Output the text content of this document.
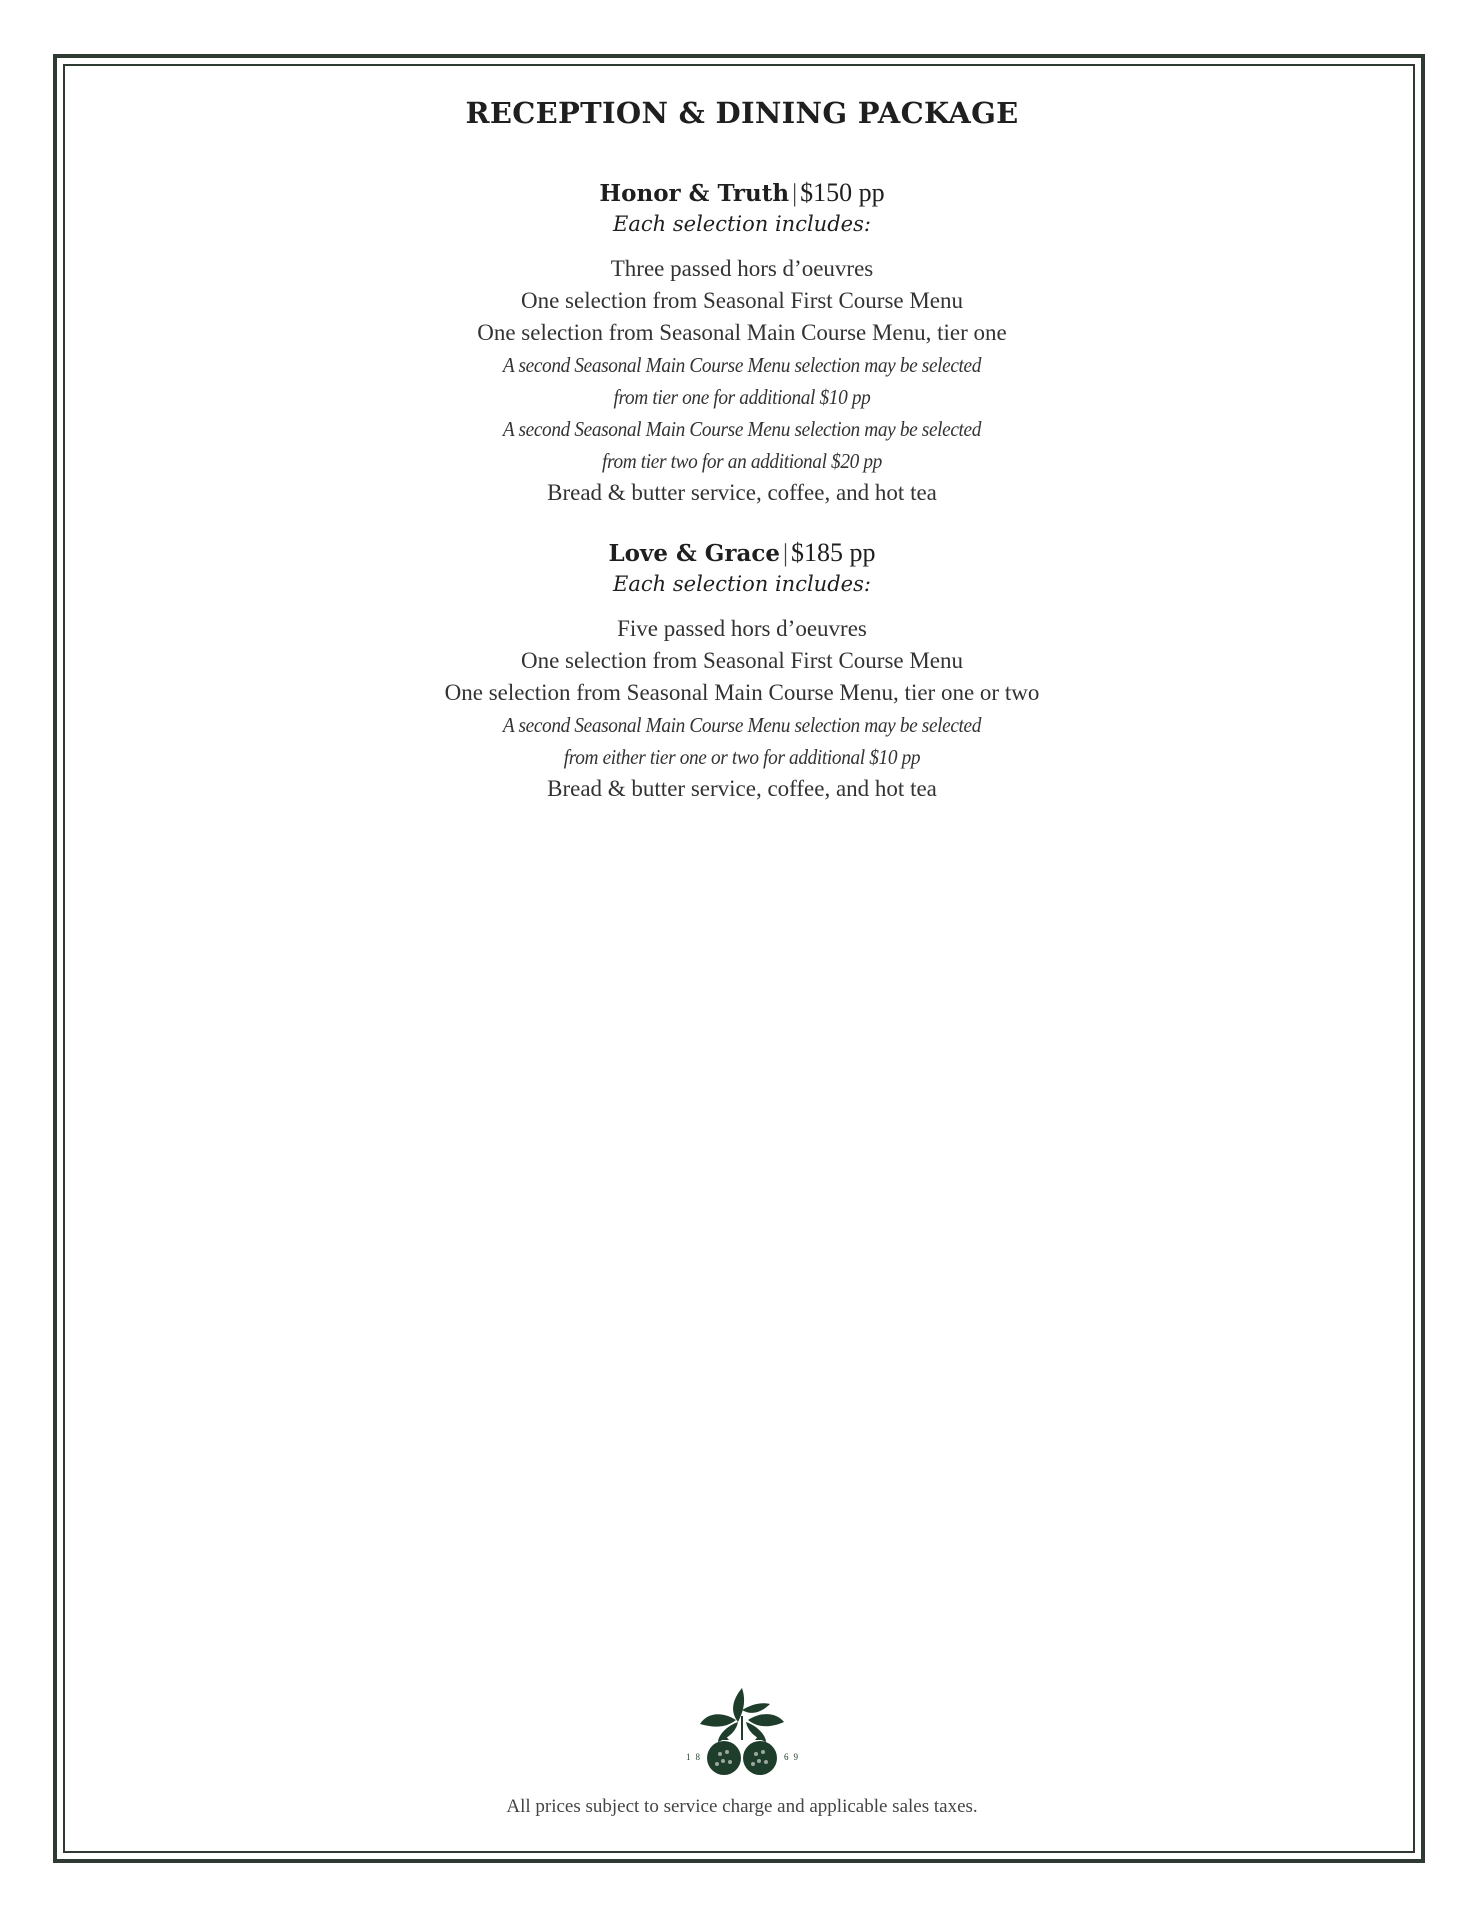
RECEPTION & DINING PACKAGE
Honor & Truth | $150 pp
Each selection includes:
Three passed hors d’oeuvres
One selection from Seasonal First Course Menu
One selection from Seasonal Main Course Menu, tier one
A second Seasonal Main Course Menu selection may be selected
from tier one for additional $10 pp
A second Seasonal Main Course Menu selection may be selected
from tier two for an additional $20 pp
Bread & butter service, coffee, and hot tea
Love & Grace | $185 pp
Each selection includes:
Five passed hors d’oeuvres
One selection from Seasonal First Course Menu
One selection from Seasonal Main Course Menu, tier one or two
A second Seasonal Main Course Menu selection may be selected
from either tier one or two for additional $10 pp
Bread & butter service, coffee, and hot tea
18	69
All prices subject to service charge and applicable sales taxes.
